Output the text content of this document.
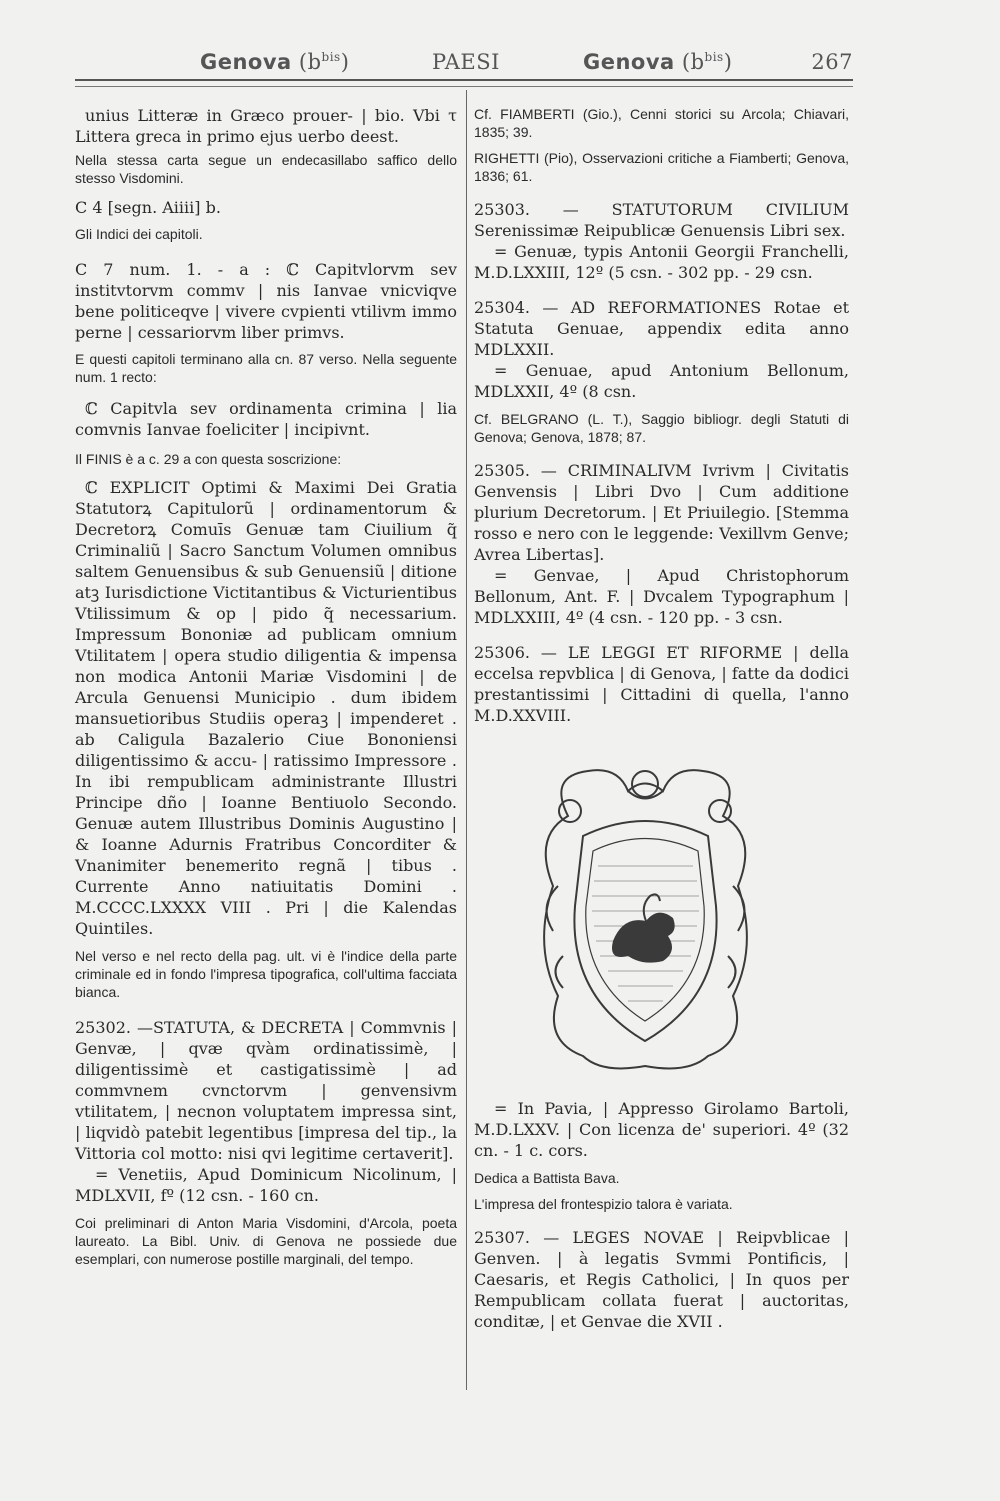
Genova $(b^{bis})$	PAESI	Genova $(b^{bis})$	267

unius Litteræ in Græco prouer- | bio. Vbi τ Littera greca in primo ejus uerbo deest.

Nella stessa carta segue un endecasillabo saffico dello stesso Visdomini.

C 4 [segn. Aiiii] b.

Gli Indici dei capitoli.

C 7 num. 1. - a : ℂ Capitvlorvm sev institvtorvm commv | nis Ianvae vnicviqve bene politiceqve | vivere cvpienti vtilivm immo perne | cessariorvm liber primvs.

E questi capitoli terminano alla cn. 87 verso. Nella seguente num. 1 recto:

ℂ Capitvla sev ordinamenta crimina | lia comvnis Ianvae foeliciter | incipivnt.

Il FINIS è a c. 29 a con questa soscrizione:

ℂ EXPLICIT Optimi & Maximi Dei Gratia Statutorꝝ Capitulorũ | ordinamentorum & Decretorꝝ Comuīs Genuæ tam Ciuilium q̃ Criminaliũ | Sacro Sanctum Volumen omnibus saltem Genuensibus & sub Genuensiũ | ditione atꝫ Iurisdictione Victitantibus & Victurientibus Vtilissimum & op | pido q̃ necessarium. Impressum Bononiæ ad publicam omnium Vtilitatem | opera studio diligentia & impensa non modica Antonii Mariæ Visdomini | de Arcula Genuensi Municipio . dum ibidem mansuetioribus Studiis operaꝫ | impenderet . ab Caligula Bazalerio Ciue Bononiensi diligentissimo & accu- | ratissimo Impressore . In ibi rempublicam administrante Illustri Principe dño | Ioanne Bentiuolo Secondo. Genuæ autem Illustribus Dominis Augustino | & Ioanne Adurnis Fratribus Concorditer & Vnanimiter benemerito regnã | tibus . Currente Anno natiuitatis Domini . M.CCCC.LXXXX VIII . Pri | die Kalendas Quintiles.

Nel verso e nel recto della pag. ult. vi è l'indice della parte criminale ed in fondo l'impresa tipografica, coll'ultima facciata bianca.

25302. —STATUTA, & DECRETA | Commvnis | Genvæ, | qvæ qvàm ordinatissimè, | diligentissimè et castigatissimè | ad commvnem cvnctorvm | genvensivm vtilitatem, | necnon voluptatem impressa sint, | liqvidò patebit legentibus [impresa del tip., la Vittoria col motto: nisi qvi legitime certaverit].

= Venetiis, Apud Dominicum Nicolinum, | MDLXVII, fº (12 csn. - 160 cn.

Coi preliminari di Anton Maria Visdomini, d'Arcola, poeta laureato. La Bibl. Univ. di Genova ne possiede due esemplari, con numerose postille marginali, del tempo.

Cf. FIAMBERTI (Gio.), Cenni storici su Arcola; Chiavari, 1835; 39.

RIGHETTI (Pio), Osservazioni critiche a Fiamberti; Genova, 1836; 61.

25303. — STATUTORUM CIVILIUM Serenissimæ Reipublicæ Genuensis Libri sex.

= Genuæ, typis Antonii Georgii Franchelli, M.D.LXXIII, 12º (5 csn. - 302 pp. - 29 csn.

25304. — AD REFORMATIONES Rotae et Statuta Genuae, appendix edita anno MDLXXII.

= Genuae, apud Antonium Bellonum, MDLXXII, 4º (8 csn.

Cf. BELGRANO (L. T.), Saggio bibliogr. degli Statuti di Genova; Genova, 1878; 87.

25305. — CRIMINALIVM Ivrivm | Civitatis Genvensis | Libri Dvo | Cum additione plurium Decretorum. | Et Priuilegio. [Stemma rosso e nero con le leggende: Vexillvm Genve; Avrea Libertas].

= Genvae, | Apud Christophorum Bellonum, Ant. F. | Dvcalem Typographum | MDLXXIII, 4º (4 csn. - 120 pp. - 3 csn.

25306. — LE LEGGI ET RIFORME | della eccelsa repvblica | di Genova, | fatte da dodici prestantissimi | Cittadini di quella, l'anno M.D.XXVIII.

= In Pavia, | Appresso Girolamo Bartoli, M.D.LXXV. | Con licenza de' superiori. 4º (32 cn. - 1 c. cors.

Dedica a Battista Bava.

L'impresa del frontespizio talora è variata.

25307. — LEGES NOVAE | Reipvblicae | Genven. | à legatis Svmmi Pontificis, | Caesaris, et Regis Catholici, | In quos per Rempublicam collata fuerat | auctoritas, conditæ, | et Genvae die XVII .
